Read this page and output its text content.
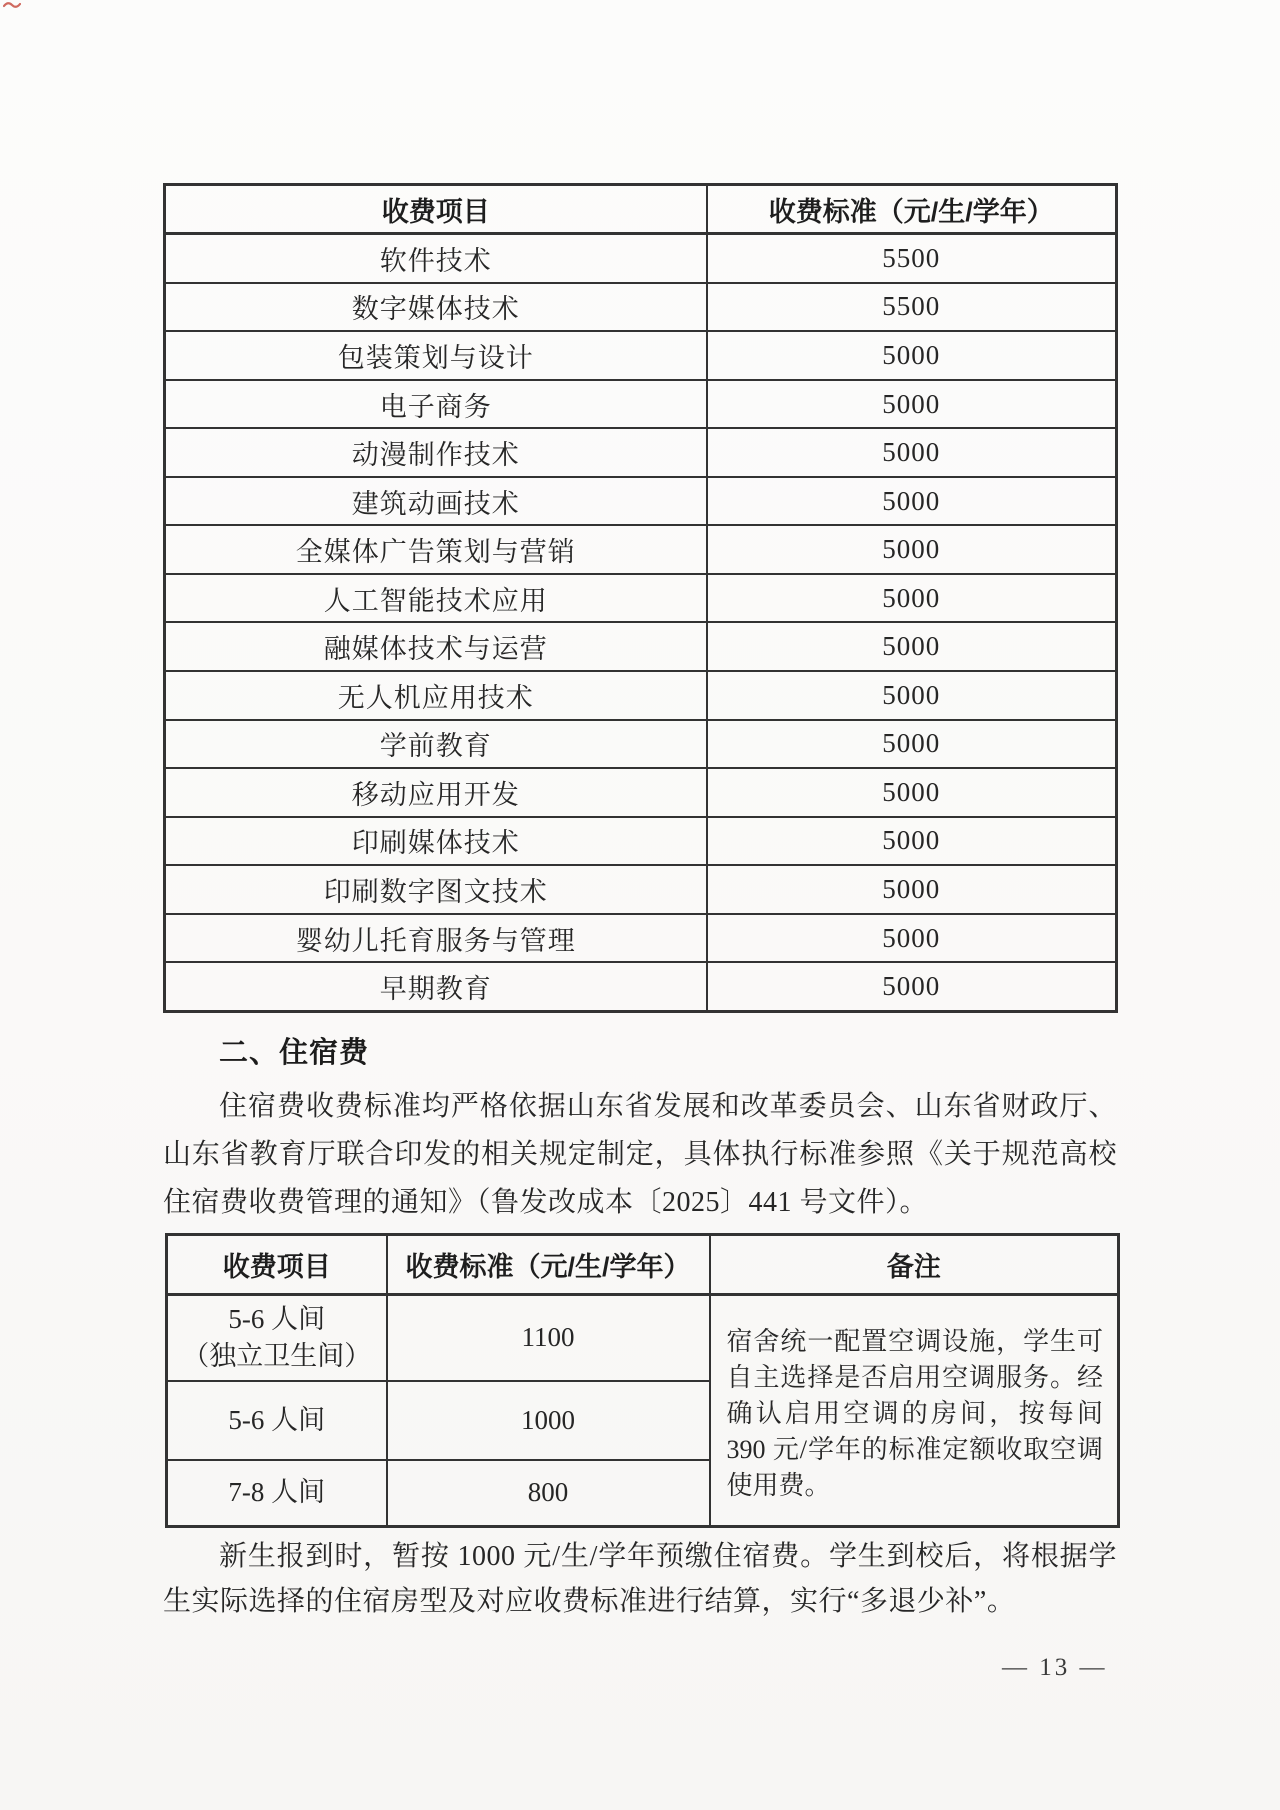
收费项目	收费标准（元/生/学年）
软件技术	5500
数字媒体技术	5500
包装策划与设计	5000
电子商务	5000
动漫制作技术	5000
建筑动画技术	5000
全媒体广告策划与营销	5000
人工智能技术应用	5000
融媒体技术与运营	5000
无人机应用技术	5000
学前教育	5000
移动应用开发	5000
印刷媒体技术	5000
印刷数字图文技术	5000
婴幼儿托育服务与管理	5000
早期教育	5000
二、住宿费
住宿费收费标准均严格依据山东省发展和改革委员会、山东省财政厅、山东省教育厅联合印发的相关规定制定，具体执行标准参照《关于规范高校住宿费收费管理的通知》（鲁发改成本〔2025〕441 号文件）。
收费项目	收费标准（元/生/学年）	备注

5-6 人间
（独立卫生间）	1100	宿舍统一配置空调设施，学生可自主选择是否启用空调服务。经确认启用空调的房间，按每间 390 元/学年的标准定额收取空调使用费。
5-6 人间	1000	
7-8 人间	800	
新生报到时，暂按 1000 元/生/学年预缴住宿费。学生到校后，将根据学生实际选择的住宿房型及对应收费标准进行结算，实行“多退少补”。
— 13 —
